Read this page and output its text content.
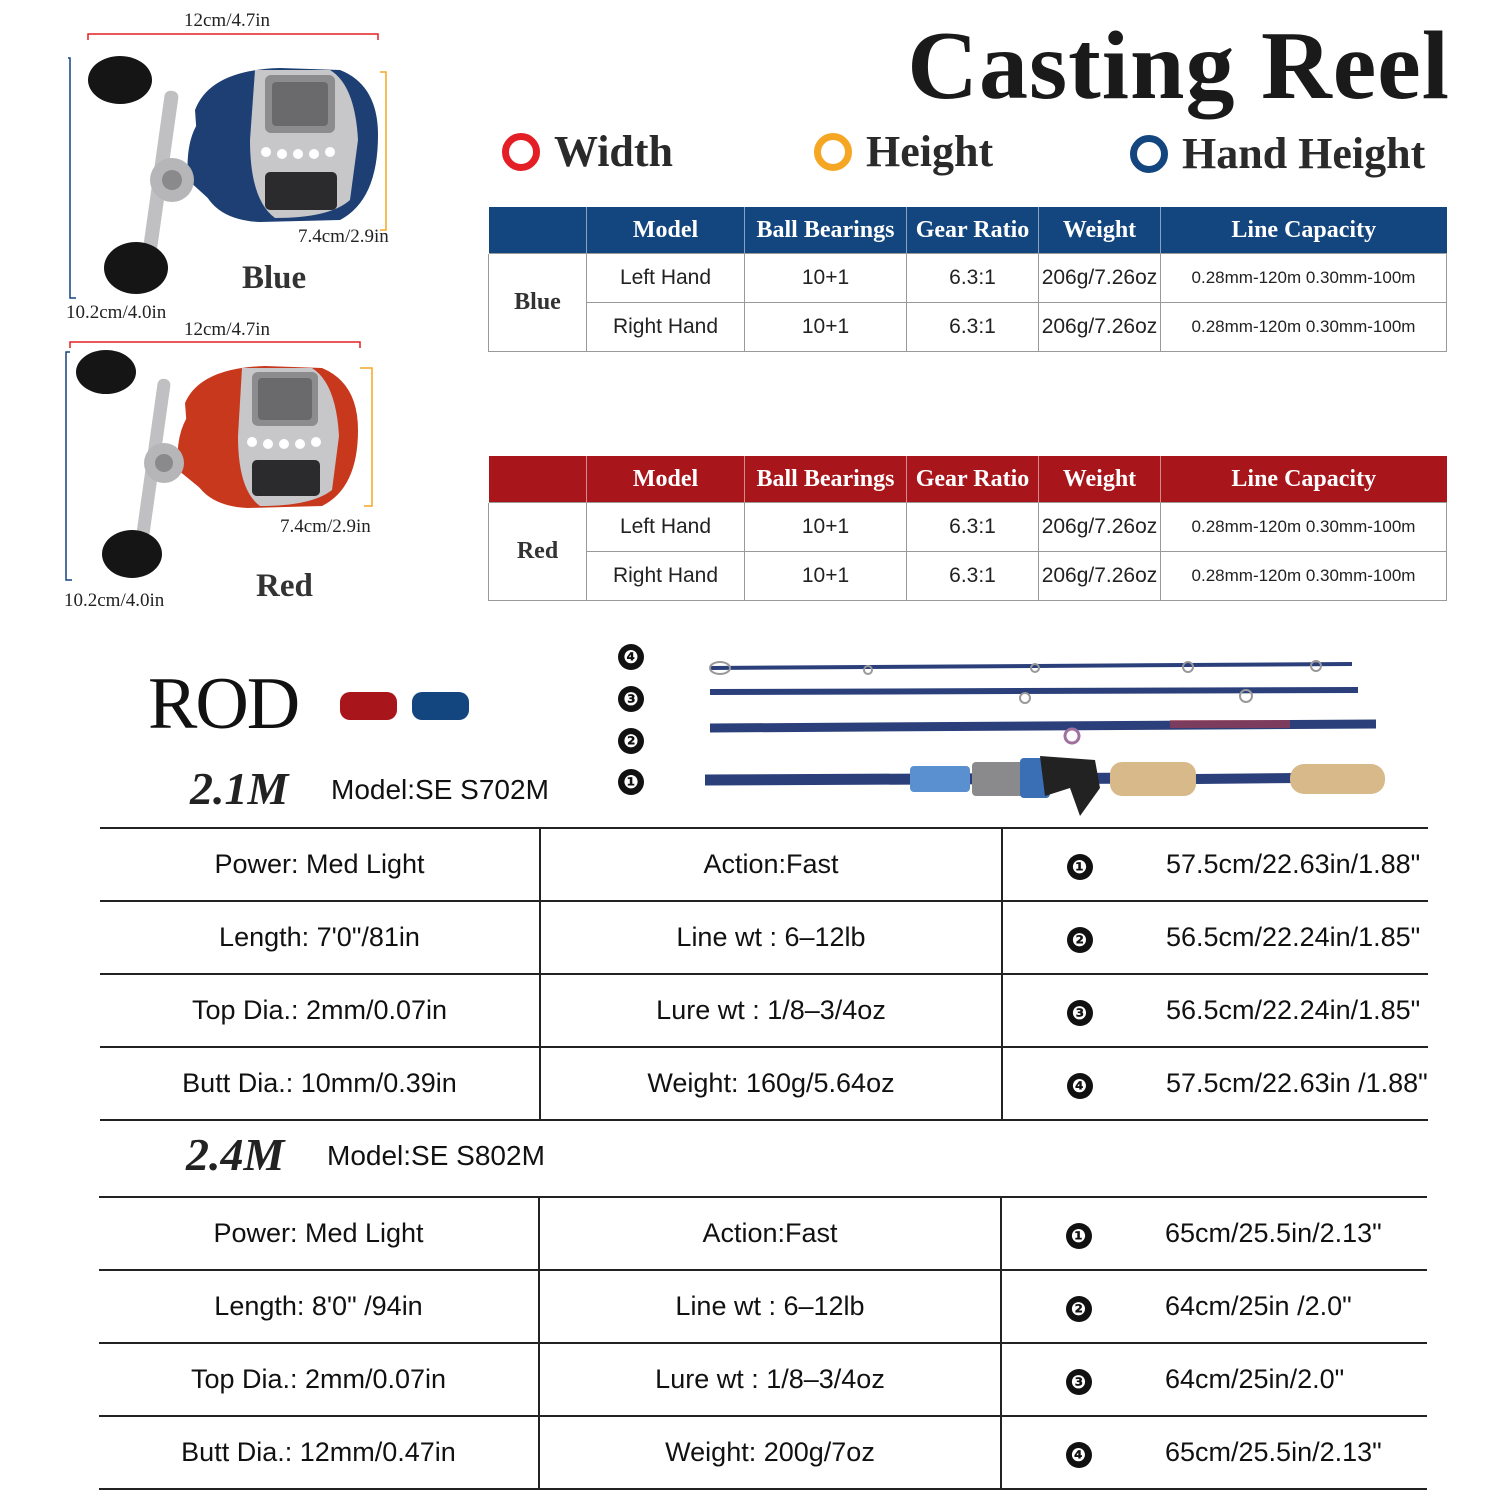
Casting Reel
Width	Height	Hand Height
12cm/4.7in
7.4cm/2.9in
10.2cm/4.0in
Blue
12cm/4.7in
7.4cm/2.9in
10.2cm/4.0in	Red
	Model	Ball Bearings	Gear Ratio	Weight	Line Capacity
Blue	Left Hand	10+1	6.3:1	206g/7.26oz	0.28mm-120m 0.30mm-100m
	Right Hand	10+1	6.3:1	206g/7.26oz	0.28mm-120m 0.30mm-100m
	Model	Ball Bearings	Gear Ratio	Weight	Line Capacity
Red	Left Hand	10+1	6.3:1	206g/7.26oz	0.28mm-120m 0.30mm-100m
	Right Hand	10+1	6.3:1	206g/7.26oz	0.28mm-120m 0.30mm-100m
ROD
2.1M Model:SE S702M
❹
❸
❷
❶
Power: Med Light	Action:Fast	❶	57.5cm/22.63in/1.88"
Length: 7'0"/81in	Line wt : 6–12lb	❷	56.5cm/22.24in/1.85"
Top Dia.: 2mm/0.07in	Lure wt : 1/8–3/4oz	❸	56.5cm/22.24in/1.85"
Butt Dia.: 10mm/0.39in	Weight: 160g/5.64oz	❹	57.5cm/22.63in /1.88"
2.4M Model:SE S802M
Power: Med Light	Action:Fast	❶	65cm/25.5in/2.13"
Length: 8'0" /94in	Line wt : 6–12lb	❷	64cm/25in /2.0"
Top Dia.: 2mm/0.07in	Lure wt : 1/8–3/4oz	❸	64cm/25in/2.0"
Butt Dia.: 12mm/0.47in	Weight: 200g/7oz	❹	65cm/25.5in/2.13"
